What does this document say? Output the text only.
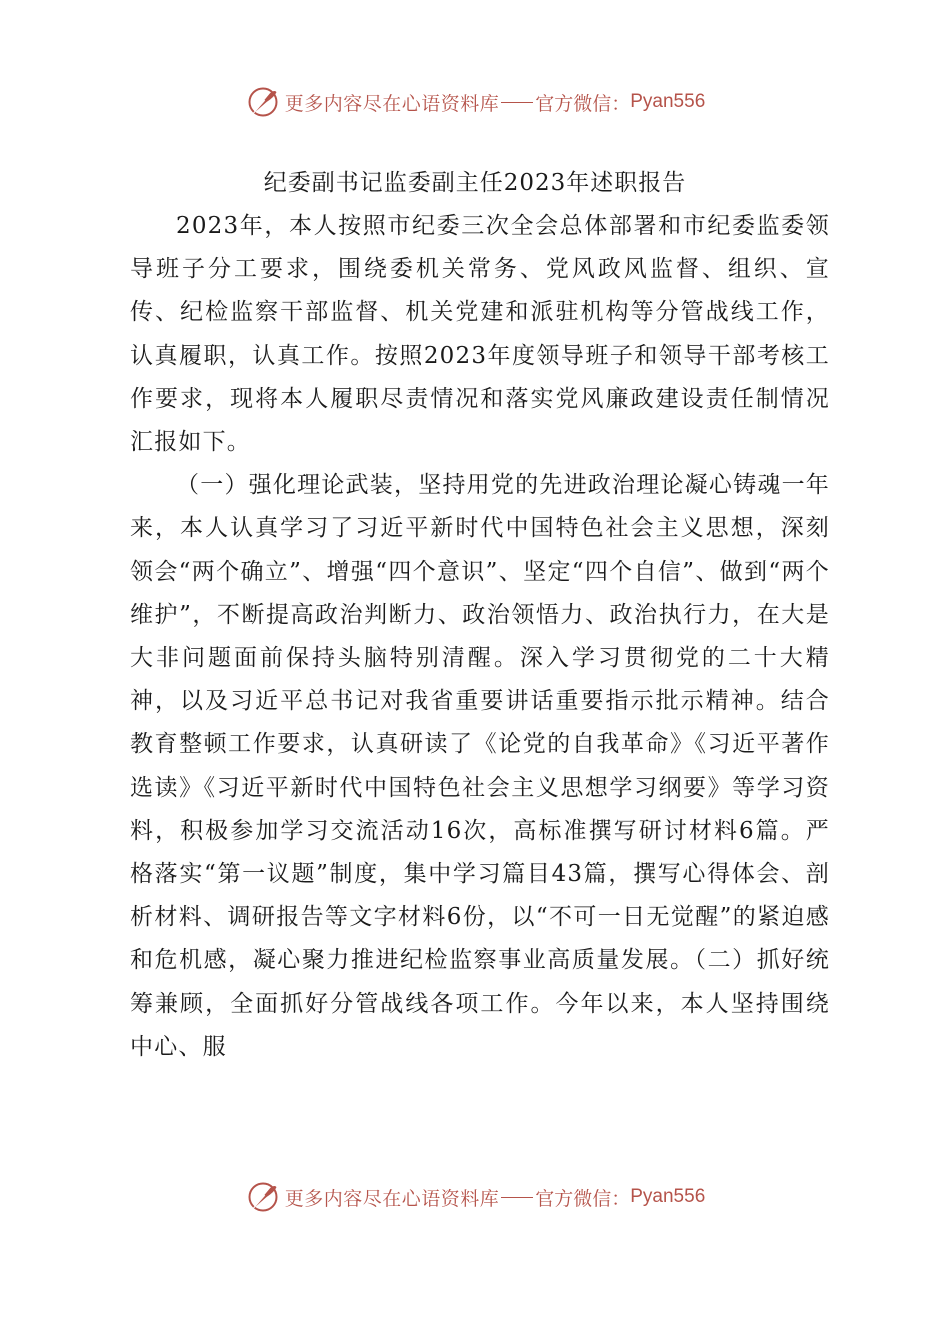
更多内容尽在心语资料库 官方微信： Pyan556
纪委副书记监委副主任2023年述职报告

2023年，本人按照市纪委三次全会总体部署和市纪委监委领导班子分工要求，围绕委机关常务、党风政风监督、组织、宣传、纪检监察干部监督、机关党建和派驻机构等分管战线工作，认真履职，认真工作。按照2023年度领导班子和领导干部考核工作要求，现将本人履职尽责情况和落实党风廉政建设责任制情况汇报如下。

（一）强化理论武装，坚持用党的先进政治理论凝心铸魂一年来，本人认真学习了习近平新时代中国特色社会主义思想，深刻领会“两个确立”、增强“四个意识”、坚定“四个自信”、做到“两个维护”，不断提高政治判断力、政治领悟力、政治执行力，在大是大非问题面前保持头脑特别清醒。深入学习贯彻党的二十大精神，以及习近平总书记对我省重要讲话重要指示批示精神。结合教育整顿工作要求，认真研读了《论党的自我革命》《习近平著作选读》《习近平新时代中国特色社会主义思想学习纲要》等学习资料，积极参加学习交流活动16次，高标准撰写研讨材料6篇。严格落实“第一议题”制度，集中学习篇目43篇，撰写心得体会、剖析材料、调研报告等文字材料6份，以“不可一日无觉醒”的紧迫感和危机感，凝心聚力推进纪检监察事业高质量发展。（二）抓好统筹兼顾，全面抓好分管战线各项工作。今年以来，本人坚持围绕中心、服

更多内容尽在心语资料库 官方微信： Pyan556
